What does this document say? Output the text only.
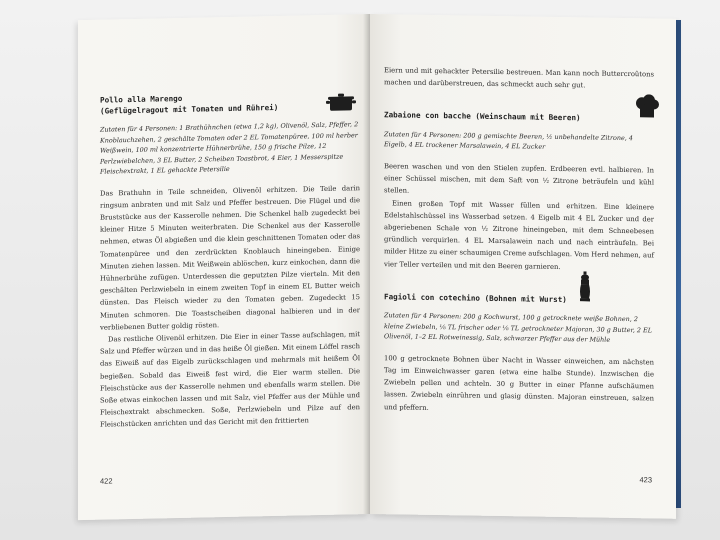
Pollo alla Marengo
(Geflügelragout mit Tomaten und Rührei)
Zutaten für 4 Personen: 1 Brathühnchen (etwa 1,2 kg), Olivenöl, Salz, Pfeffer, 2 Knoblauchzehen, 2 geschälte Tomaten oder 2 EL Tomatenpüree, 100 ml herber Weißwein, 100 ml konzentrierte Hühnerbrühe, 150 g frische Pilze, 12 Perlzwiebelchen, 3 EL Butter, 2 Scheiben Toastbrot, 4 Eier, 1 Messerspitze Fleischextrakt, 1 EL gehackte Petersilie

Das Brathuhn in Teile schneiden, Olivenöl erhitzen. Die Teile darin ringsum anbraten und mit Salz und Pfeffer bestreuen. Die Flügel und die Bruststücke aus der Kasserolle nehmen. Die Schenkel halb zugedeckt bei kleiner Hitze 5 Minuten weiterbraten. Die Schenkel aus der Kasserolle nehmen, etwas Öl abgießen und die klein geschnittenen Tomaten oder das Tomatenpüree und den zerdrückten Knoblauch hineingeben. Einige Minuten ziehen lassen. Mit Weißwein ablöschen, kurz einkochen, dann die Hühnerbrühe zufügen. Unterdessen die geputzten Pilze vierteln. Mit den geschälten Perlzwiebeln in einem zweiten Topf in einem EL Butter weich dünsten. Das Fleisch wieder zu den Tomaten geben. Zugedeckt 15 Minuten schmoren. Die Toastscheiben diagonal halbieren und in der verbliebenen Butter goldig rösten.

Das restliche Olivenöl erhitzen. Die Eier in einer Tasse aufschlagen, mit Salz und Pfeffer würzen und in das heiße Öl gießen. Mit einem Löffel rasch das Eiweiß auf das Eigelb zurückschlagen und mehrmals mit heißem Öl begießen. Sobald das Eiweiß fest wird, die Eier warm stellen. Die Fleischstücke aus der Kasserolle nehmen und ebenfalls warm stellen. Die Soße etwas einkochen lassen und mit Salz, viel Pfeffer aus der Mühle und Fleischextrakt abschmecken. Soße, Perlzwiebeln und Pilze auf den Fleischstücken anrichten und das Gericht mit den frittierten

422

Eiern und mit gehackter Petersilie bestreuen. Man kann noch Buttercroûtons machen und darüberstreuen, das schmeckt auch sehr gut.

Zabaione con bacche (Weinschaum mit Beeren)
Zutaten für 4 Personen: 200 g gemischte Beeren, ½ unbehandelte Zitrone, 4 Eigelb, 4 EL trockener Marsalawein, 4 EL Zucker

Beeren waschen und von den Stielen zupfen. Erdbeeren evtl. halbieren. In einer Schüssel mischen, mit dem Saft von ½ Zitrone beträufeln und kühl stellen.

Einen großen Topf mit Wasser füllen und erhitzen. Eine kleinere Edelstahlschüssel ins Wasserbad setzen. 4 Eigelb mit 4 EL Zucker und der abgeriebenen Schale von ½ Zitrone hineingeben, mit dem Schneebesen gründlich verquirlen. 4 EL Marsalawein nach und nach einträufeln. Bei milder Hitze zu einer schaumigen Creme aufschlagen. Vom Herd nehmen, auf vier Teller verteilen und mit den Beeren garnieren.

Fagioli con cotechino (Bohnen mit Wurst)
Zutaten für 4 Personen: 200 g Kochwurst, 100 g getrocknete weiße Bohnen, 2 kleine Zwiebeln, ⅛ TL frischer oder ⅛ TL getrockneter Majoran, 30 g Butter, 2 EL Olivenöl, 1–2 EL Rotweinessig, Salz, schwarzer Pfeffer aus der Mühle

100 g getrocknete Bohnen über Nacht in Wasser einweichen, am nächsten Tag im Einweichwasser garen (etwa eine halbe Stunde). Inzwischen die Zwiebeln pellen und achteln. 30 g Butter in einer Pfanne aufschäumen lassen. Zwiebeln einrühren und glasig dünsten. Majoran einstreuen, salzen und pfeffern.

423
